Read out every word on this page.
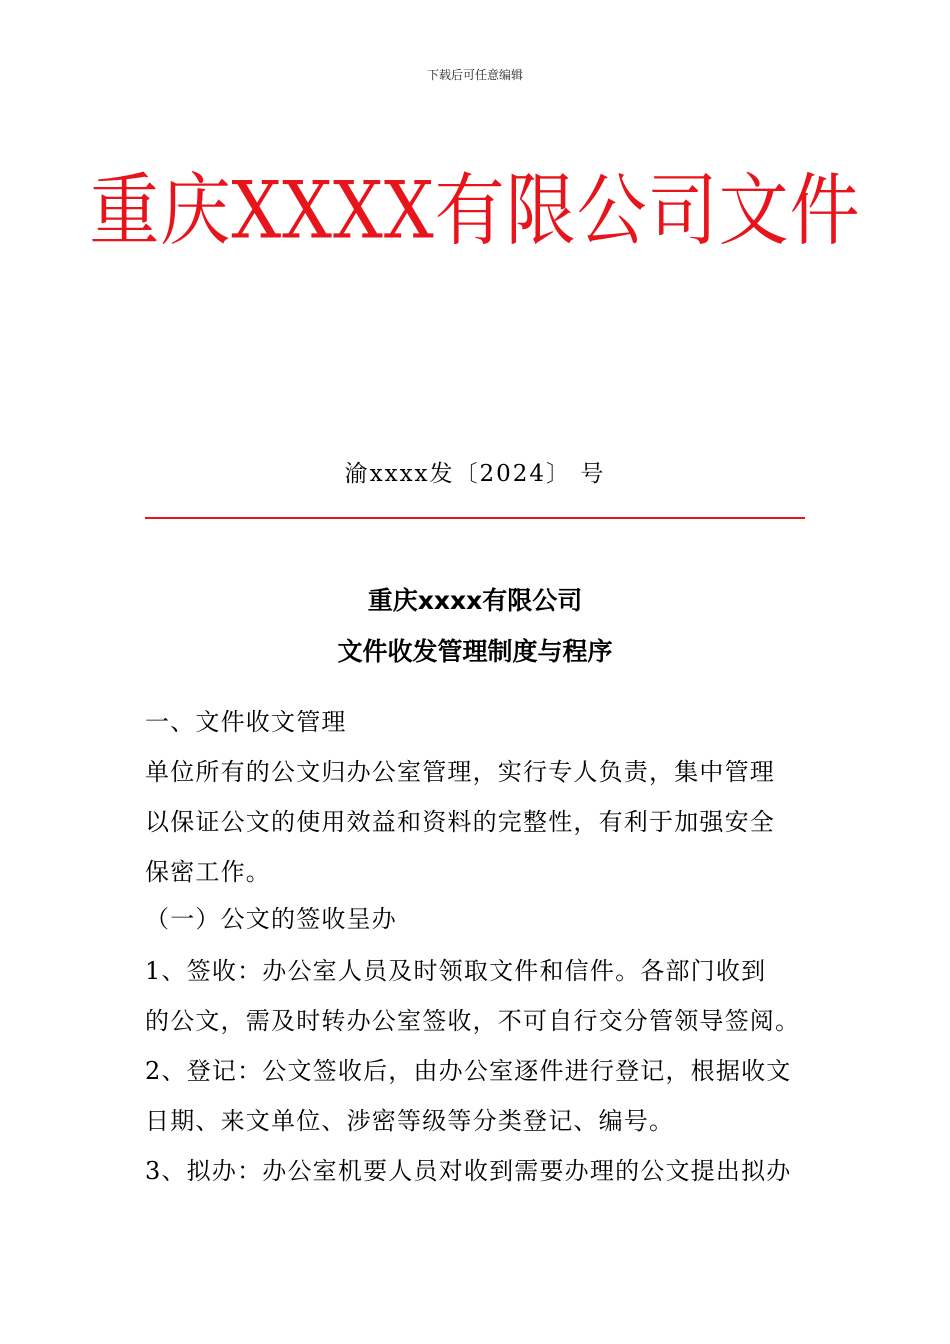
下载后可任意编辑
重庆XXXX有限公司文件
渝xxxx发〔2024〕 号
重庆xxxx有限公司
文件收发管理制度与程序
一、文件收文管理
单位所有的公文归办公室管理，实行专人负责，集中管理
以保证公文的使用效益和资料的完整性，有利于加强安全
保密工作。
（一）公文的签收呈办
1、签收：办公室人员及时领取文件和信件。各部门收到
的公文，需及时转办公室签收，不可自行交分管领导签阅。
2、登记：公文签收后，由办公室逐件进行登记，根据收文
日期、来文单位、涉密等级等分类登记、编号。
3、拟办：办公室机要人员对收到需要办理的公文提出拟办
